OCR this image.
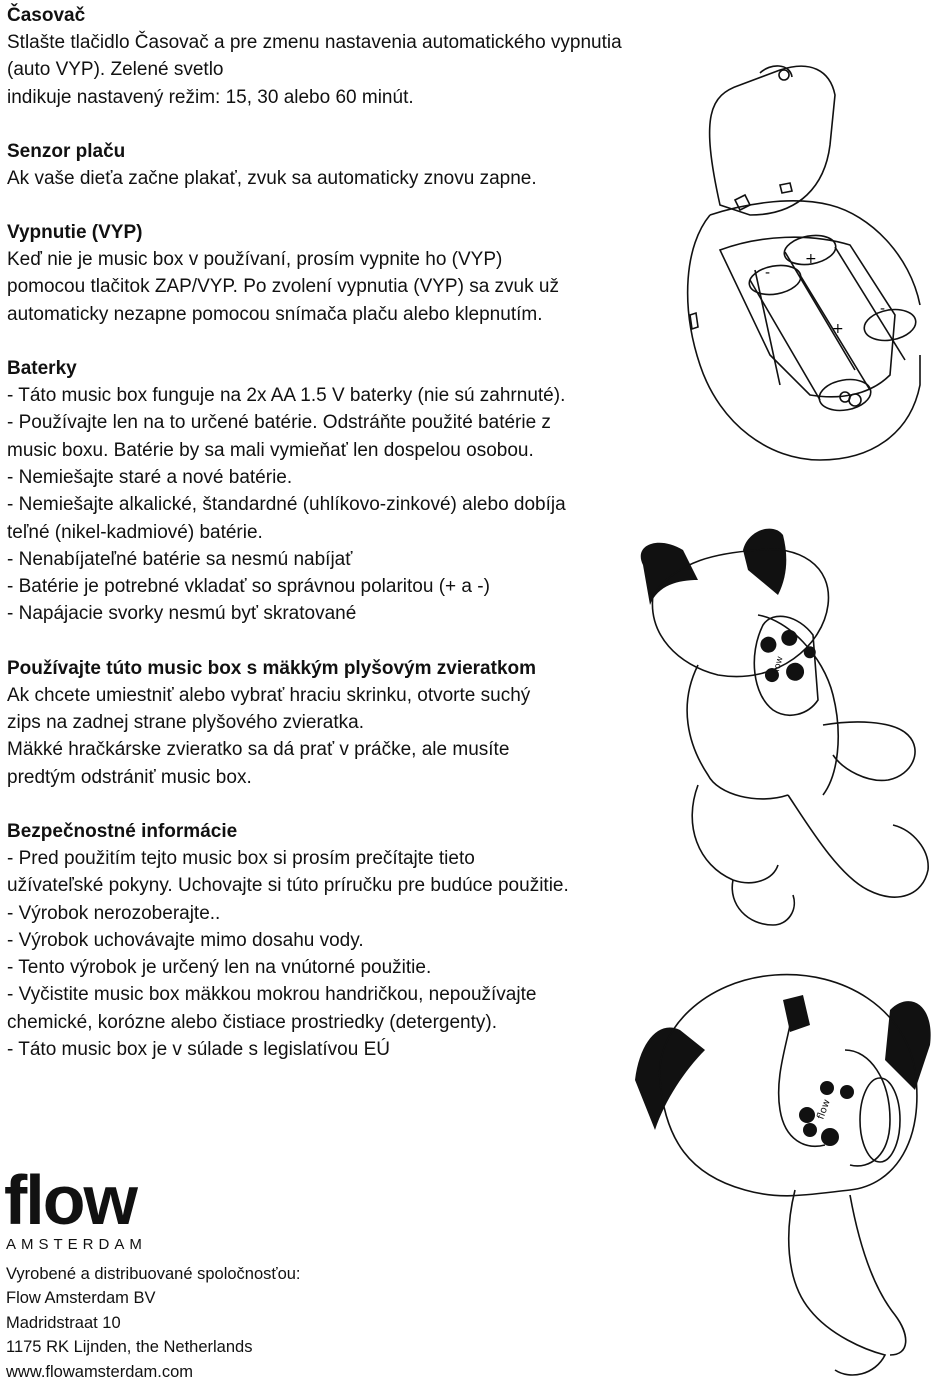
Časovač

Stlašte tlačidlo Časovač a pre zmenu nastavenia automatického vypnutia (auto VYP). Zelené svetlo
indikuje nastavený režim: 15, 30 alebo 60 minút.

Senzor plaču

Ak vaše dieťa začne plakať, zvuk sa automaticky znovu zapne.

Vypnutie (VYP)

Keď nie je music box v používaní, prosím vypnite ho (VYP)
pomocou tlačitok ZAP/VYP. Po zvolení vypnutia (VYP) sa zvuk už
automaticky nezapne pomocou snímača plaču alebo klepnutím.

Baterky

- Táto music box funguje na 2x AA 1.5 V baterky (nie sú zahrnuté).
- Používajte len na to určené batérie. Odstráňte použité batérie z
music boxu. Batérie by sa mali vymieňať len dospelou osobou.
- Nemiešajte staré a nové batérie.
- Nemiešajte alkalické, štandardné (uhlíkovo-zinkové) alebo dobíja
teľné (nikel-kadmiové) batérie.
- Nenabíjateľné batérie sa nesmú nabíjať
- Batérie je potrebné vkladať so správnou polaritou (+ a -)
- Napájacie svorky nesmú byť skratované

Používajte túto music box s mäkkým plyšovým zvieratkom

Ak chcete umiestniť alebo vybrať hraciu skrinku, otvorte suchý
zips na zadnej strane plyšového zvieratka.
Mäkké hračkárske zvieratko sa dá prať v práčke, ale musíte
predtým odstrániť music box.

Bezpečnostné informácie

- Pred použitím tejto music box si prosím prečítajte tieto
užívateľské pokyny. Uchovajte si túto príručku pre budúce použitie.
- Výrobok nerozoberajte..
- Výrobok uchovávajte mimo dosahu vody.
- Tento výrobok je určený len na vnútorné použitie.
- Vyčistite music box mäkkou mokrou handričkou, nepoužívajte
chemické, korózne alebo čistiace prostriedky (detergenty).
- Táto music box je v súlade s legislatívou EÚ

+
-
+
-
flow
flow
flow
AMSTERDAM
Vyrobené a distribuované spoločnosťou:
Flow Amsterdam BV
Madridstraat 10
1175 RK Lijnden, the Netherlands
www.flowamsterdam.com
